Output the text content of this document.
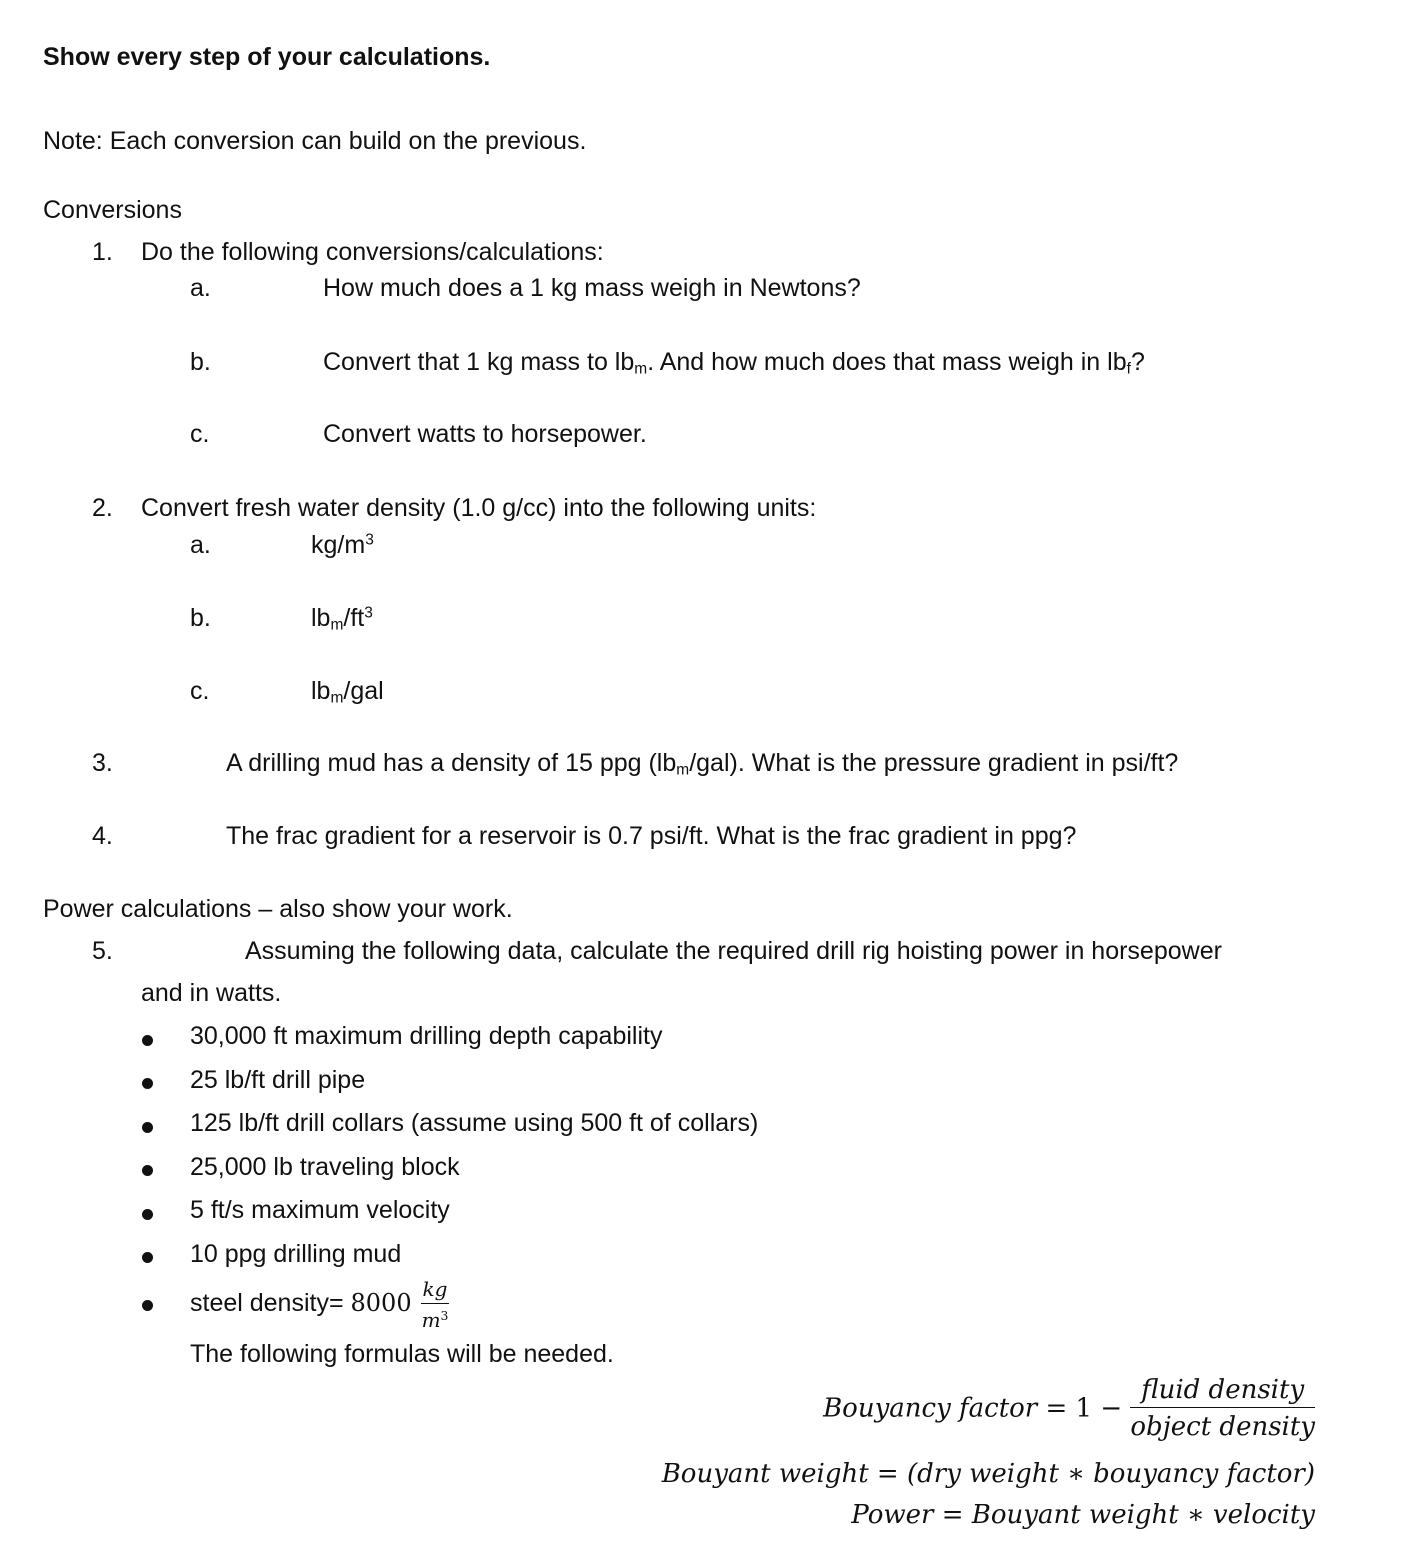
Show every step of your calculations.
Note: Each conversion can build on the previous.
Conversions
1. Do the following conversions/calculations:
a.	How much does a 1 kg mass weigh in Newtons?
b.	Convert that 1 kg mass to $lb_m$. And how much does that mass weigh in $lb_f$?
c.	Convert watts to horsepower.
2. Convert fresh water density (1.0 g/cc) into the following units:
a.	$kg/m^3$
b.	$lb_m/ft^3$
c.	$lb_m$/gal
3.	A drilling mud has a density of 15 ppg $(lb_m/gal)$. What is the pressure gradient in psi/ft?
4.	The frac gradient for a reservoir is 0.7 psi/ft. What is the frac gradient in ppg?
Power calculations – also show your work.
5.	Assuming the following data, calculate the required drill rig hoisting power in horsepower
and in watts.
30,000 ft maximum drilling depth capability
25 lb/ft drill pipe
125 lb/ft drill collars (assume using 500 ft of collars)
25,000 lb traveling block
5 ft/s maximum velocity
10 ppg drilling mud
steel density= $8000 \frac{kg}{m^3}$
The following formulas will be needed.
Bouyancy factor = $1 - \frac{\text{fluid density}}{\text{object density}}$
Bouyant weight = (dry weight ∗ bouyancy factor)
Power = Bouyant weight ∗ velocity
